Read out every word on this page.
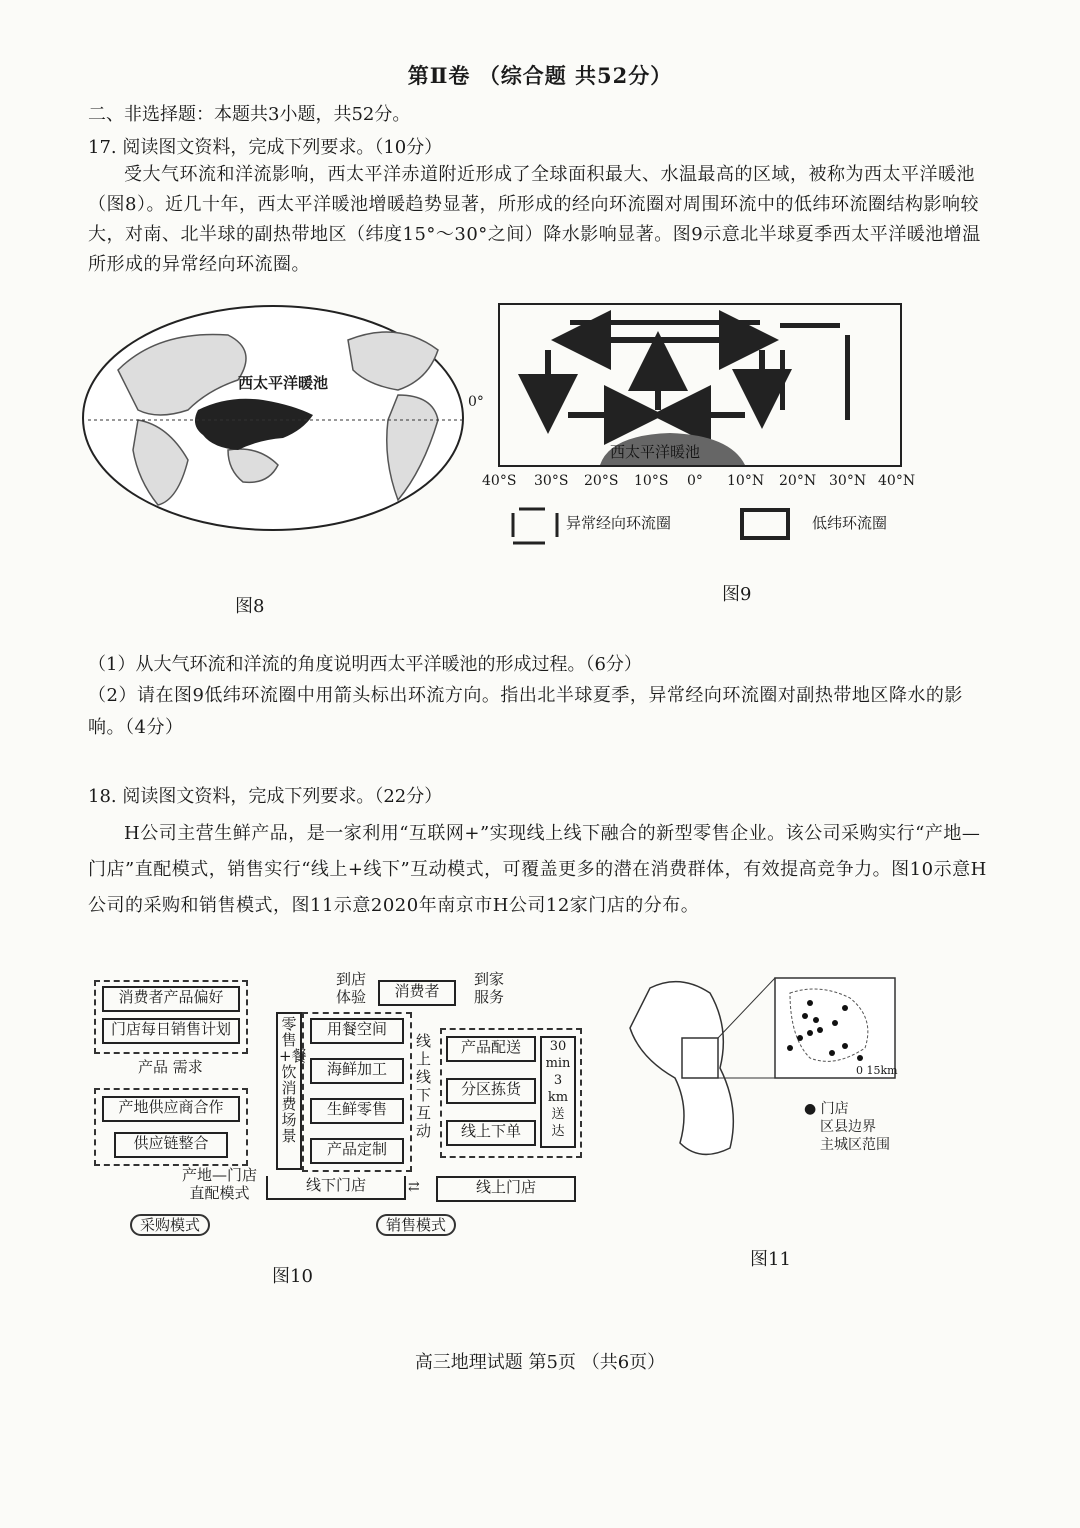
第Ⅱ卷 （综合题 共52分）
二、非选择题：本题共3小题，共52分。
17. 阅读图文资料，完成下列要求。（10分）
受大气环流和洋流影响，西太平洋赤道附近形成了全球面积最大、水温最高的区域，被称为西太平洋暖池（图8）。近几十年，西太平洋暖池增暖趋势显著，所形成的经向环流圈对周围环流中的低纬环流圈结构影响较大，对南、北半球的副热带地区（纬度15°～30°之间）降水影响显著。图9示意北半球夏季西太平洋暖池增温所形成的异常经向环流圈。
西太平洋暖池
0°
图8
西太平洋暖池
40°S 30°S 20°S 10°S 0° 10°N 20°N 30°N 40°N
异常经向环流圈	低纬环流圈
图9
（1）从大气环流和洋流的角度说明西太平洋暖池的形成过程。（6分）
（2）请在图9低纬环流圈中用箭头标出环流方向。指出北半球夏季，异常经向环流圈对副热带地区降水的影响。（4分）
18. 阅读图文资料，完成下列要求。（22分）
H公司主营生鲜产品，是一家利用“互联网+”实现线上线下融合的新型零售企业。该公司采购实行“产地—门店”直配模式，销售实行“线上+线下”互动模式，可覆盖更多的潜在消费群体，有效提高竞争力。图10示意H公司的采购和销售模式，图11示意2020年南京市H公司12家门店的分布。
消费者产品偏好
门店每日销售计划
产品 需求
产地供应商合作
供应链整合
产地—门店
直配模式
采购模式
到店
体验	消费者
到家
服务
零售+餐饮消费场景
用餐空间
海鲜加工
生鲜零售
产品定制
线上线下互动
产品配送
分区拣货
线上下单
30
min
3
km
送
达
线下门店	线上门店
⇄
销售模式
图10
0 15km
● 门店
区县边界
主城区范围
图11
高三地理试题 第5页 （共6页）
